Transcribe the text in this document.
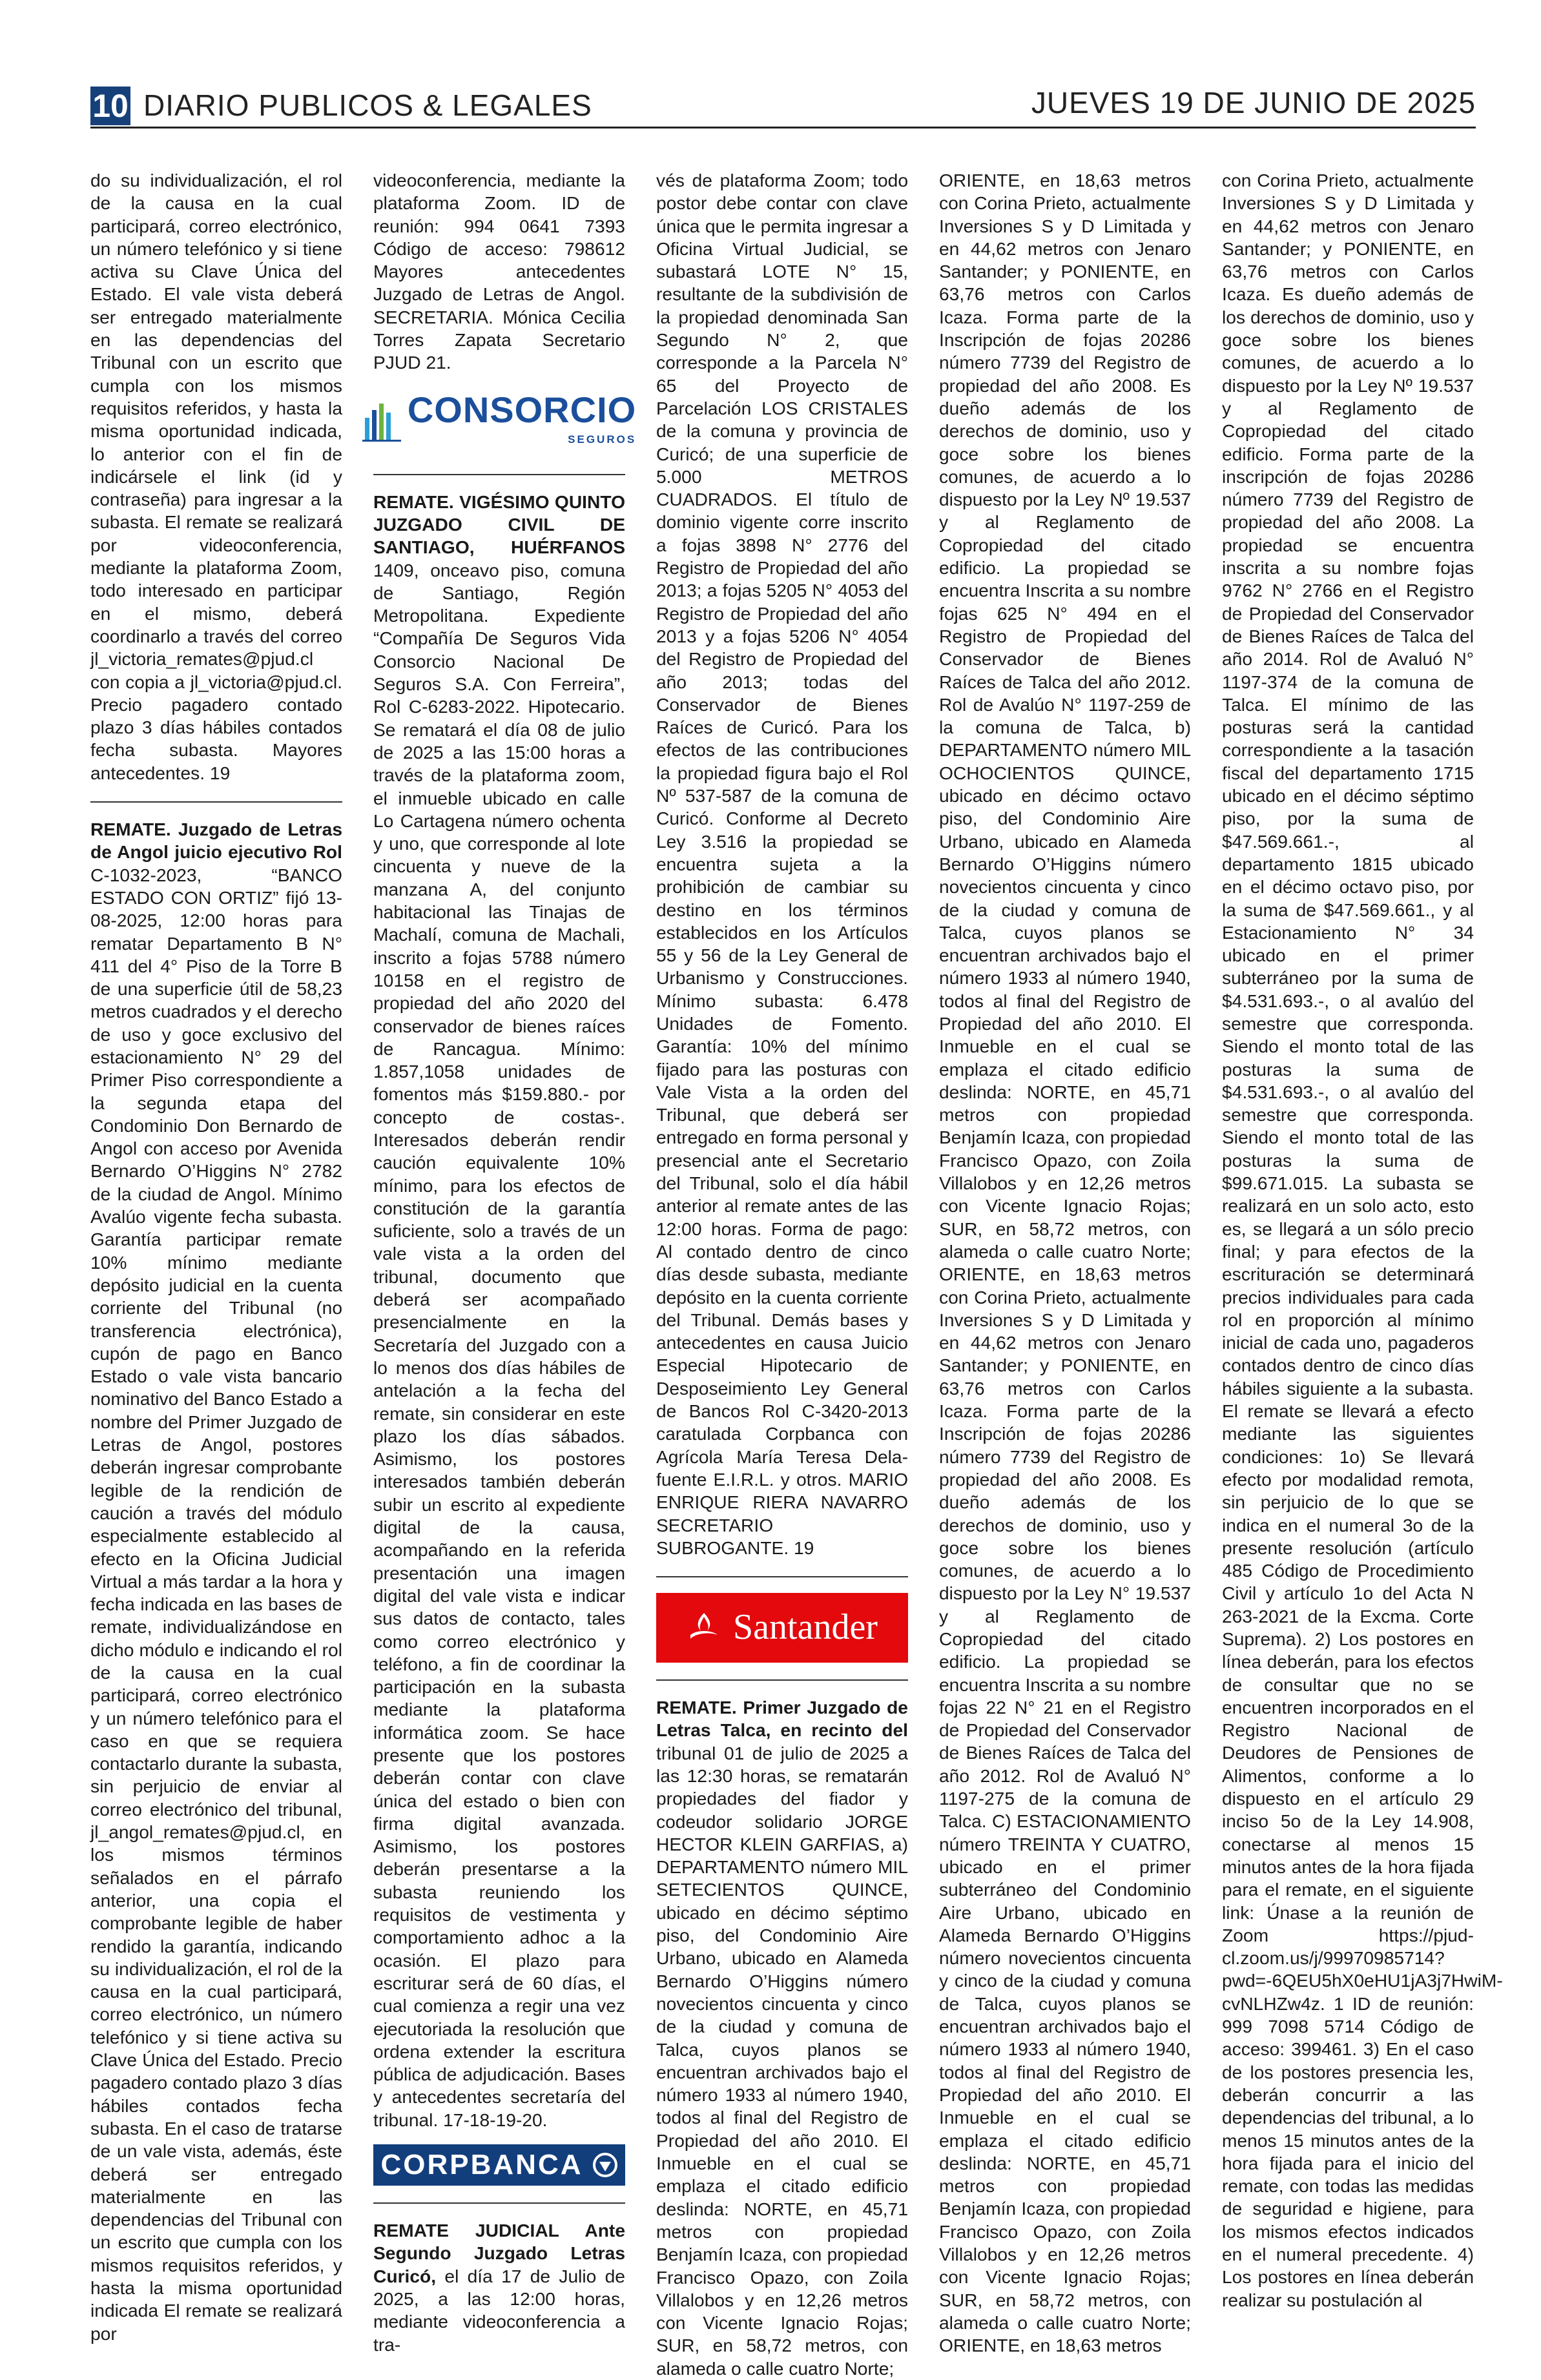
10 DIARIO PUBLICOS & LEGALES	JUEVES 19 DE JUNIO DE 2025

do su individualización, el rol de la causa en la cual participará, correo electrónico, un número telefónico y si tiene activa su Clave Única del Estado. El vale vista deberá ser entregado materialmente en las dependencias del Tribunal con un escrito que cumpla con los mismos requisitos referidos, y hasta la misma oportunidad indicada, lo anterior con el fin de indicársele el link (id y contraseña) para ingresar a la subasta. El remate se realizará por videoconferencia, mediante la plataforma Zoom, todo interesado en participar en el mismo, deberá coordinarlo a través del correo jl_victoria_remates@pjud.cl con copia a jl_victoria@pjud.cl. Precio pagadero contado plazo 3 días hábiles contados fecha subasta. Mayores antecedentes. 19

REMATE. Juzgado de Letras de Angol juicio ejecutivo Rol C-1032-2023, “BANCO ESTADO CON ORTIZ” fijó 13-08-2025, 12:00 horas para rematar Departamento B N° 411 del 4° Piso de la Torre B de una superficie útil de 58,23 metros cuadrados y el derecho de uso y goce exclusivo del estacionamiento N° 29 del Primer Piso correspondiente a la segunda etapa del Condominio Don Bernardo de Angol con acceso por Avenida Bernardo O’Higgins N° 2782 de la ciudad de Angol. Mínimo Avalúo vigente fecha subasta. Garantía participar remate 10% mínimo mediante depósito judicial en la cuenta corriente del Tribunal (no transferencia electrónica), cupón de pago en Banco Estado o vale vista bancario nominativo del Banco Estado a nombre del Primer Juzgado de Letras de Angol, postores deberán ingresar comprobante legible de la rendición de caución a través del módulo especialmente establecido al efecto en la Oficina Judicial Virtual a más tardar a la hora y fecha indicada en las bases de remate, individualizándose en dicho módulo e indicando el rol de la causa en la cual participará, correo electrónico y un número telefónico para el caso en que se requiera contactarlo durante la subasta, sin perjuicio de enviar al correo electrónico del tribunal, jl_angol_remates@pjud.cl, en los mismos términos señalados en el párrafo anterior, una copia el comprobante legible de haber rendido la garantía, indicando su individualización, el rol de la causa en la cual participará, correo electrónico, un número telefónico y si tiene activa su Clave Única del Estado. Precio pagadero contado plazo 3 días hábiles contados fecha subasta. En el caso de tratarse de un vale vista, además, éste deberá ser entregado materialmente en las dependencias del Tribunal con un escrito que cumpla con los mismos requisitos referidos, y hasta la misma oportunidad indicada El remate se realizará por

videoconferencia, mediante la plataforma Zoom. ID de reunión: 994 0641 7393 Código de acceso: 798612 Mayores antecedentes Juzgado de Letras de Angol. SECRETARIA. Mónica Cecilia Torres Zapata Secretario PJUD 21.

CONSORCIO
SEGUROS

REMATE. VIGÉSIMO QUINTO JUZGADO CIVIL DE SANTIAGO, HUÉRFANOS 1409, onceavo piso, comuna de Santiago, Región Metropolitana. Expediente “Compañía De Seguros Vida Consorcio Nacional De Seguros S.A. Con Ferreira”, Rol C-6283-2022. Hipotecario. Se rematará el día 08 de julio de 2025 a las 15:00 horas a través de la plataforma zoom, el inmueble ubicado en calle Lo Cartagena número ochenta y uno, que corresponde al lote cincuenta y nueve de la manzana A, del conjunto habitacional las Tinajas de Machalí, comuna de Machali, inscrito a fojas 5788 número 10158 en el registro de propiedad del año 2020 del conservador de bienes raíces de Rancagua. Mínimo: 1.857,1058 unidades de fomentos más $159.880.- por concepto de costas-. Interesados deberán rendir caución equivalente 10% mínimo, para los efectos de constitución de la garantía suficiente, solo a través de un vale vista a la orden del tribunal, documento que deberá ser acompañado presencialmente en la Secretaría del Juzgado con a lo menos dos días hábiles de antelación a la fecha del remate, sin considerar en este plazo los días sábados. Asimismo, los postores interesados también deberán subir un escrito al expediente digital de la causa, acompañando en la referida presentación una imagen digital del vale vista e indicar sus datos de contacto, tales como correo electrónico y teléfono, a fin de coordinar la participación en la subasta mediante la plataforma informática zoom. Se hace presente que los postores deberán contar con clave única del estado o bien con firma digital avanzada. Asimismo, los postores deberán presentarse a la subasta reuniendo los requisitos de vestimenta y comportamiento adhoc a la ocasión. El plazo para escriturar será de 60 días, el cual comienza a regir una vez ejecutoriada la resolución que ordena extender la escritura pública de adjudicación. Bases y antecedentes secretaría del tribunal. 17-18-19-20.

CORPBANCA

REMATE JUDICIAL Ante Segundo Juzgado Letras Curicó, el día 17 de Julio de 2025, a las 12:00 horas, mediante videoconferencia a tra-

vés de plataforma Zoom; todo postor debe contar con clave única que le permita ingresar a Oficina Virtual Judicial, se subastará LOTE N° 15, resultante de la subdivisión de la propiedad denominada San Segundo N° 2, que corresponde a la Parcela N° 65 del Proyecto de Parcelación LOS CRISTALES de la comuna y provincia de Curicó; de una superficie de 5.000 METROS CUADRADOS. El título de dominio vigente corre inscrito a fojas 3898 N° 2776 del Registro de Propiedad del año 2013; a fojas 5205 N° 4053 del Registro de Propiedad del año 2013 y a fojas 5206 N° 4054 del Registro de Propiedad del año 2013; todas del Conservador de Bienes Raíces de Curicó. Para los efectos de las contribuciones la propiedad figura bajo el Rol Nº 537-587 de la comuna de Curicó. Conforme al Decreto Ley 3.516 la propiedad se encuentra sujeta a la prohibición de cambiar su destino en los términos establecidos en los Artículos 55 y 56 de la Ley General de Urbanismo y Construcciones. Mínimo subasta: 6.478 Unidades de Fomento. Garantía: 10% del mínimo fijado para las posturas con Vale Vista a la orden del Tribunal, que deberá ser entregado en forma personal y presencial ante el Secretario del Tribunal, solo el día hábil anterior al remate antes de las 12:00 horas. Forma de pago: Al contado dentro de cinco días desde subasta, mediante depósito en la cuenta corriente del Tribunal. Demás bases y antecedentes en causa Juicio Especial Hipotecario de Desposeimiento Ley General de Bancos Rol C-3420-2013 caratulada Corpbanca con Agrícola María Teresa Dela-fuente E.I.R.L. y otros. MARIO ENRIQUE RIERA NAVARRO SECRETARIO SUBROGANTE. 19

Santander

REMATE. Primer Juzgado de Letras Talca, en recinto del tribunal 01 de julio de 2025 a las 12:30 horas, se rematarán propiedades del fiador y codeudor solidario JORGE HECTOR KLEIN GARFIAS, a) DEPARTAMENTO número MIL SETECIENTOS QUINCE, ubicado en décimo séptimo piso, del Condominio Aire Urbano, ubicado en Alameda Bernardo O’Higgins número novecientos cincuenta y cinco de la ciudad y comuna de Talca, cuyos planos se encuentran archivados bajo el número 1933 al número 1940, todos al final del Registro de Propiedad del año 2010. El Inmueble en el cual se emplaza el citado edificio deslinda: NORTE, en 45,71 metros con propiedad Benjamín Icaza, con propiedad Francisco Opazo, con Zoila Villalobos y en 12,26 metros con Vicente Ignacio Rojas; SUR, en 58,72 metros, con alameda o calle cuatro Norte;

ORIENTE, en 18,63 metros con Corina Prieto, actualmente Inversiones S y D Limitada y en 44,62 metros con Jenaro Santander; y PONIENTE, en 63,76 metros con Carlos Icaza. Forma parte de la Inscripción de fojas 20286 número 7739 del Registro de propiedad del año 2008. Es dueño además de los derechos de dominio, uso y goce sobre los bienes comunes, de acuerdo a lo dispuesto por la Ley Nº 19.537 y al Reglamento de Copropiedad del citado edificio. La propiedad se encuentra Inscrita a su nombre fojas 625 N° 494 en el Registro de Propiedad del Conservador de Bienes Raíces de Talca del año 2012. Rol de Avalúo N° 1197-259 de la comuna de Talca, b) DEPARTAMENTO número MIL OCHOCIENTOS QUINCE, ubicado en décimo octavo piso, del Condominio Aire Urbano, ubicado en Alameda Bernardo O’Higgins número novecientos cincuenta y cinco de la ciudad y comuna de Talca, cuyos planos se encuentran archivados bajo el número 1933 al número 1940, todos al final del Registro de Propiedad del año 2010. El Inmueble en el cual se emplaza el citado edificio deslinda: NORTE, en 45,71 metros con propiedad Benjamín Icaza, con propiedad Francisco Opazo, con Zoila Villalobos y en 12,26 metros con Vicente Ignacio Rojas; SUR, en 58,72 metros, con alameda o calle cuatro Norte; ORIENTE, en 18,63 metros con Corina Prieto, actualmente Inversiones S y D Limitada y en 44,62 metros con Jenaro Santander; y PONIENTE, en 63,76 metros con Carlos Icaza. Forma parte de la Inscripción de fojas 20286 número 7739 del Registro de propiedad del año 2008. Es dueño además de los derechos de dominio, uso y goce sobre los bienes comunes, de acuerdo a lo dispuesto por la Ley N° 19.537 y al Reglamento de Copropiedad del citado edificio. La propiedad se encuentra Inscrita a su nombre fojas 22 N° 21 en el Registro de Propiedad del Conservador de Bienes Raíces de Talca del año 2012. Rol de Avaluó N° 1197-275 de la comuna de Talca. C) ESTACIONAMIENTO número TREINTA Y CUATRO, ubicado en el primer subterráneo del Condominio Aire Urbano, ubicado en Alameda Bernardo O’Higgins número novecientos cincuenta y cinco de la ciudad y comuna de Talca, cuyos planos se encuentran archivados bajo el número 1933 al número 1940, todos al final del Registro de Propiedad del año 2010. El Inmueble en el cual se emplaza el citado edificio deslinda: NORTE, en 45,71 metros con propiedad Benjamín Icaza, con propiedad Francisco Opazo, con Zoila Villalobos y en 12,26 metros con Vicente Ignacio Rojas; SUR, en 58,72 metros, con alameda o calle cuatro Norte; ORIENTE, en 18,63 metros

con Corina Prieto, actualmente Inversiones S y D Limitada y en 44,62 metros con Jenaro Santander; y PONIENTE, en 63,76 metros con Carlos Icaza. Es dueño además de los derechos de dominio, uso y goce sobre los bienes comunes, de acuerdo a lo dispuesto por la Ley Nº 19.537 y al Reglamento de Copropiedad del citado edificio. Forma parte de la inscripción de fojas 20286 número 7739 del Registro de propiedad del año 2008. La propiedad se encuentra inscrita a su nombre fojas 9762 N° 2766 en el Registro de Propiedad del Conservador de Bienes Raíces de Talca del año 2014. Rol de Avaluó N° 1197-374 de la comuna de Talca. El mínimo de las posturas será la cantidad correspondiente a la tasación fiscal del departamento 1715 ubicado en el décimo séptimo piso, por la suma de $47.569.661.-, al departamento 1815 ubicado en el décimo octavo piso, por la suma de $47.569.661., y al Estacionamiento N° 34 ubicado en el primer subterráneo por la suma de $4.531.693.-, o al avalúo del semestre que corresponda. Siendo el monto total de las posturas la suma de $4.531.693.-, o al avalúo del semestre que corresponda. Siendo el monto total de las posturas la suma de $99.671.015. La subasta se realizará en un solo acto, esto es, se llegará a un sólo precio final; y para efectos de la escrituración se determinará precios individuales para cada rol en proporción al mínimo inicial de cada uno, pagaderos contados dentro de cinco días hábiles siguiente a la subasta. El remate se llevará a efecto mediante las siguientes condiciones: 1o) Se llevará efecto por modalidad remota, sin perjuicio de lo que se indica en el numeral 3o de la presente resolución (artículo 485 Código de Procedimiento Civil y artículo 1o del Acta N 263-2021 de la Excma. Corte Suprema). 2) Los postores en línea deberán, para los efectos de consultar que no se encuentren incorporados en el Registro Nacional de Deudores de Pensiones de Alimentos, conforme a lo dispuesto en el artículo 29 inciso 5o de la Ley 14.908, conectarse al menos 15 minutos antes de la hora fijada para el remate, en el siguiente link: Únase a la reunión de Zoom https://pjud-cl.zoom.us/j/99970985714?pwd=-6QEU5hX0eHU1jA3j7HwiM-cvNLHZw4z. 1 ID de reunión: 999 7098 5714 Código de acceso: 399461. 3) En el caso de los postores presencia les, deberán concurrir a las dependencias del tribunal, a lo menos 15 minutos antes de la hora fijada para el inicio del remate, con todas las medidas de seguridad e higiene, para los mismos efectos indicados en el numeral precedente. 4) Los postores en línea deberán realizar su postulación al
